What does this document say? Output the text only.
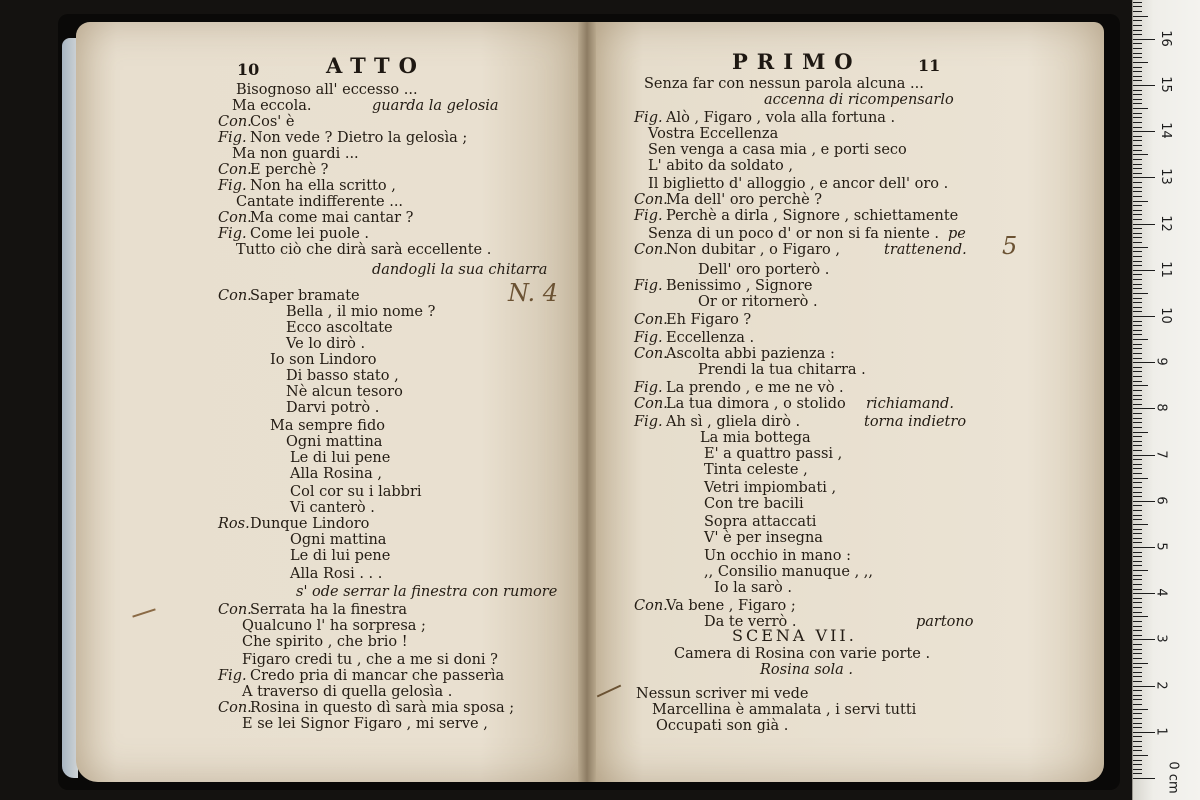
10	ATTO	PRIMO	11
Bisognoso all' eccesso ...
Ma eccola.	guarda la gelosia
Con.
Cos' è
Fig. Non vede ? Dietro la gelosìa ;
Ma non guardi ...
Con.
E perchè ?
Fig. Non ha ella scritto ,
Cantate indifferente ...
Con.
Ma come mai cantar ?
Fig. Come lei puole .
Tutto ciò che dirà sarà eccellente .
dandogli la sua chitarra
Con.
Saper bramate
Bella , il mio nome ?
Ecco ascoltate
Ve lo dirò .
Io son Lindoro
Di basso stato ,
Nè alcun tesoro
Darvi potrò .
Ma sempre fido
Ogni mattina
Le di lui pene
Alla Rosina ,
Col cor su i labbri
Vi canterò .
Ros. Dunque Lindoro
Ogni mattina
Le di lui pene
Alla Rosi . . .
s' ode serrar la finestra con rumore
Con.
Serrata ha la finestra
Qualcuno l' ha sorpresa ;
Che spirito , che brio !
Figaro credi tu , che a me si doni ?
Fig. Credo pria di mancar che passerìa
A traverso di quella gelosìa .
Con.
Rosina in questo dì sarà mia sposa ;
E se lei Signor Figaro , mi serve ,
Senza far con nessun parola alcuna ...
accenna di ricompensarlo
Fig. Alò , Figaro , vola alla fortuna .
Vostra Eccellenza
Sen venga a casa mia , e porti seco
L' abito da soldato ,
Il biglietto d' alloggio , e ancor dell' oro .
Con.
Ma dell' oro perchè ?
Fig. Perchè a dirla , Signore , schiettamente
Senza di un poco d' or non si fa niente . pe
Con.
Non dubitar , o Figaro ,	trattenend.
Dell' oro porterò .
Fig. Benissimo , Signore
Or or ritornerò .
Con.
Eh Figaro ?
Fig. Eccellenza .
Con.
Ascolta abbi pazienza :
Prendi la tua chitarra .
Fig. La prendo , e me ne vò .
Con.
La tua dimora , o stolido richiamand.
Fig. Ah sì , gliela dirò .	torna indietro
La mia bottega
E' a quattro passi ,
Tinta celeste ,
Vetri impiombati ,
Con tre bacili
Sopra attaccati
V' è per insegna
Un occhio in mano :
,, Consilio manuque , ,,
Io la sarò .
Con.
Va bene , Figaro ;
Da te verrò .	partono
SCENA VII.
Camera di Rosina con varie porte .
Rosina sola .
Nessun scriver mi vede
Marcellina è ammalata , i servi tutti
Occupati son già .
N. 4
5
0 cm
1
2
3
4
5
6
7
8
9
10
11
12
13
14
15
16
